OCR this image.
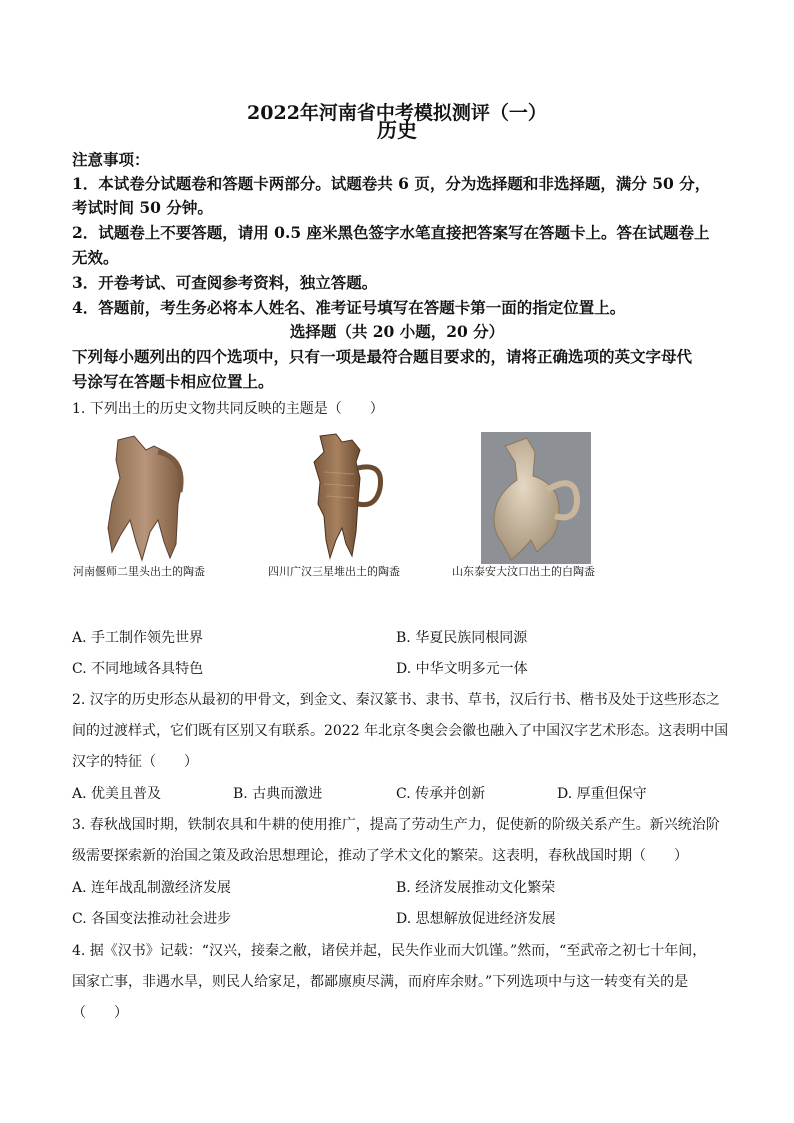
2022年河南省中考模拟测评（一）
历史
注意事项：
1．本试卷分试题卷和答题卡两部分。试题卷共 6 页，分为选择题和非选择题，满分 50 分，
考试时间 50 分钟。
2．试题卷上不要答题，请用 0.5 座米黑色签字水笔直接把答案写在答题卡上。答在试题卷上
无效。
3．开卷考试、可查阅参考资料，独立答题。
4．答题前，考生务必将本人姓名、准考证号填写在答题卡第一面的指定位置上。
选择题（共 20 小题，20 分）
下列每小题列出的四个选项中，只有一项是最符合题目要求的，请将正确选项的英文字母代
号涂写在答题卡相应位置上。
1. 下列出土的历史文物共同反映的主题是（　　）
河南偃师二里头出土的陶盉	四川广汉三星堆出土的陶盉	山东泰安大汶口出土的白陶盉
A. 手工制作领先世界	B. 华夏民族同根同源
C. 不同地域各具特色	D. 中华文明多元一体
2. 汉字的历史形态从最初的甲骨文，到金文、秦汉篆书、隶书、草书，汉后行书、楷书及处于这些形态之
间的过渡样式，它们既有区别又有联系。2022 年北京冬奥会会徽也融入了中国汉字艺术形态。这表明中国
汉字的特征（　　）
A. 优美且普及	B. 古典而激进	C. 传承并创新	D. 厚重但保守
3. 春秋战国时期，铁制农具和牛耕的使用推广，提高了劳动生产力，促使新的阶级关系产生。新兴统治阶
级需要探索新的治国之策及政治思想理论，推动了学术文化的繁荣。这表明，春秋战国时期（　　）
A. 连年战乱制激经济发展	B. 经济发展推动文化繁荣
C. 各国变法推动社会进步	D. 思想解放促进经济发展
4. 据《汉书》记载：“汉兴，接秦之敝，诸侯并起，民失作业而大饥馑。”然而，“至武帝之初七十年间，
国家亡事，非遇水旱，则民人给家足，都鄙廪庾尽满，而府库余财。”下列选项中与这一转变有关的是
（　　）
